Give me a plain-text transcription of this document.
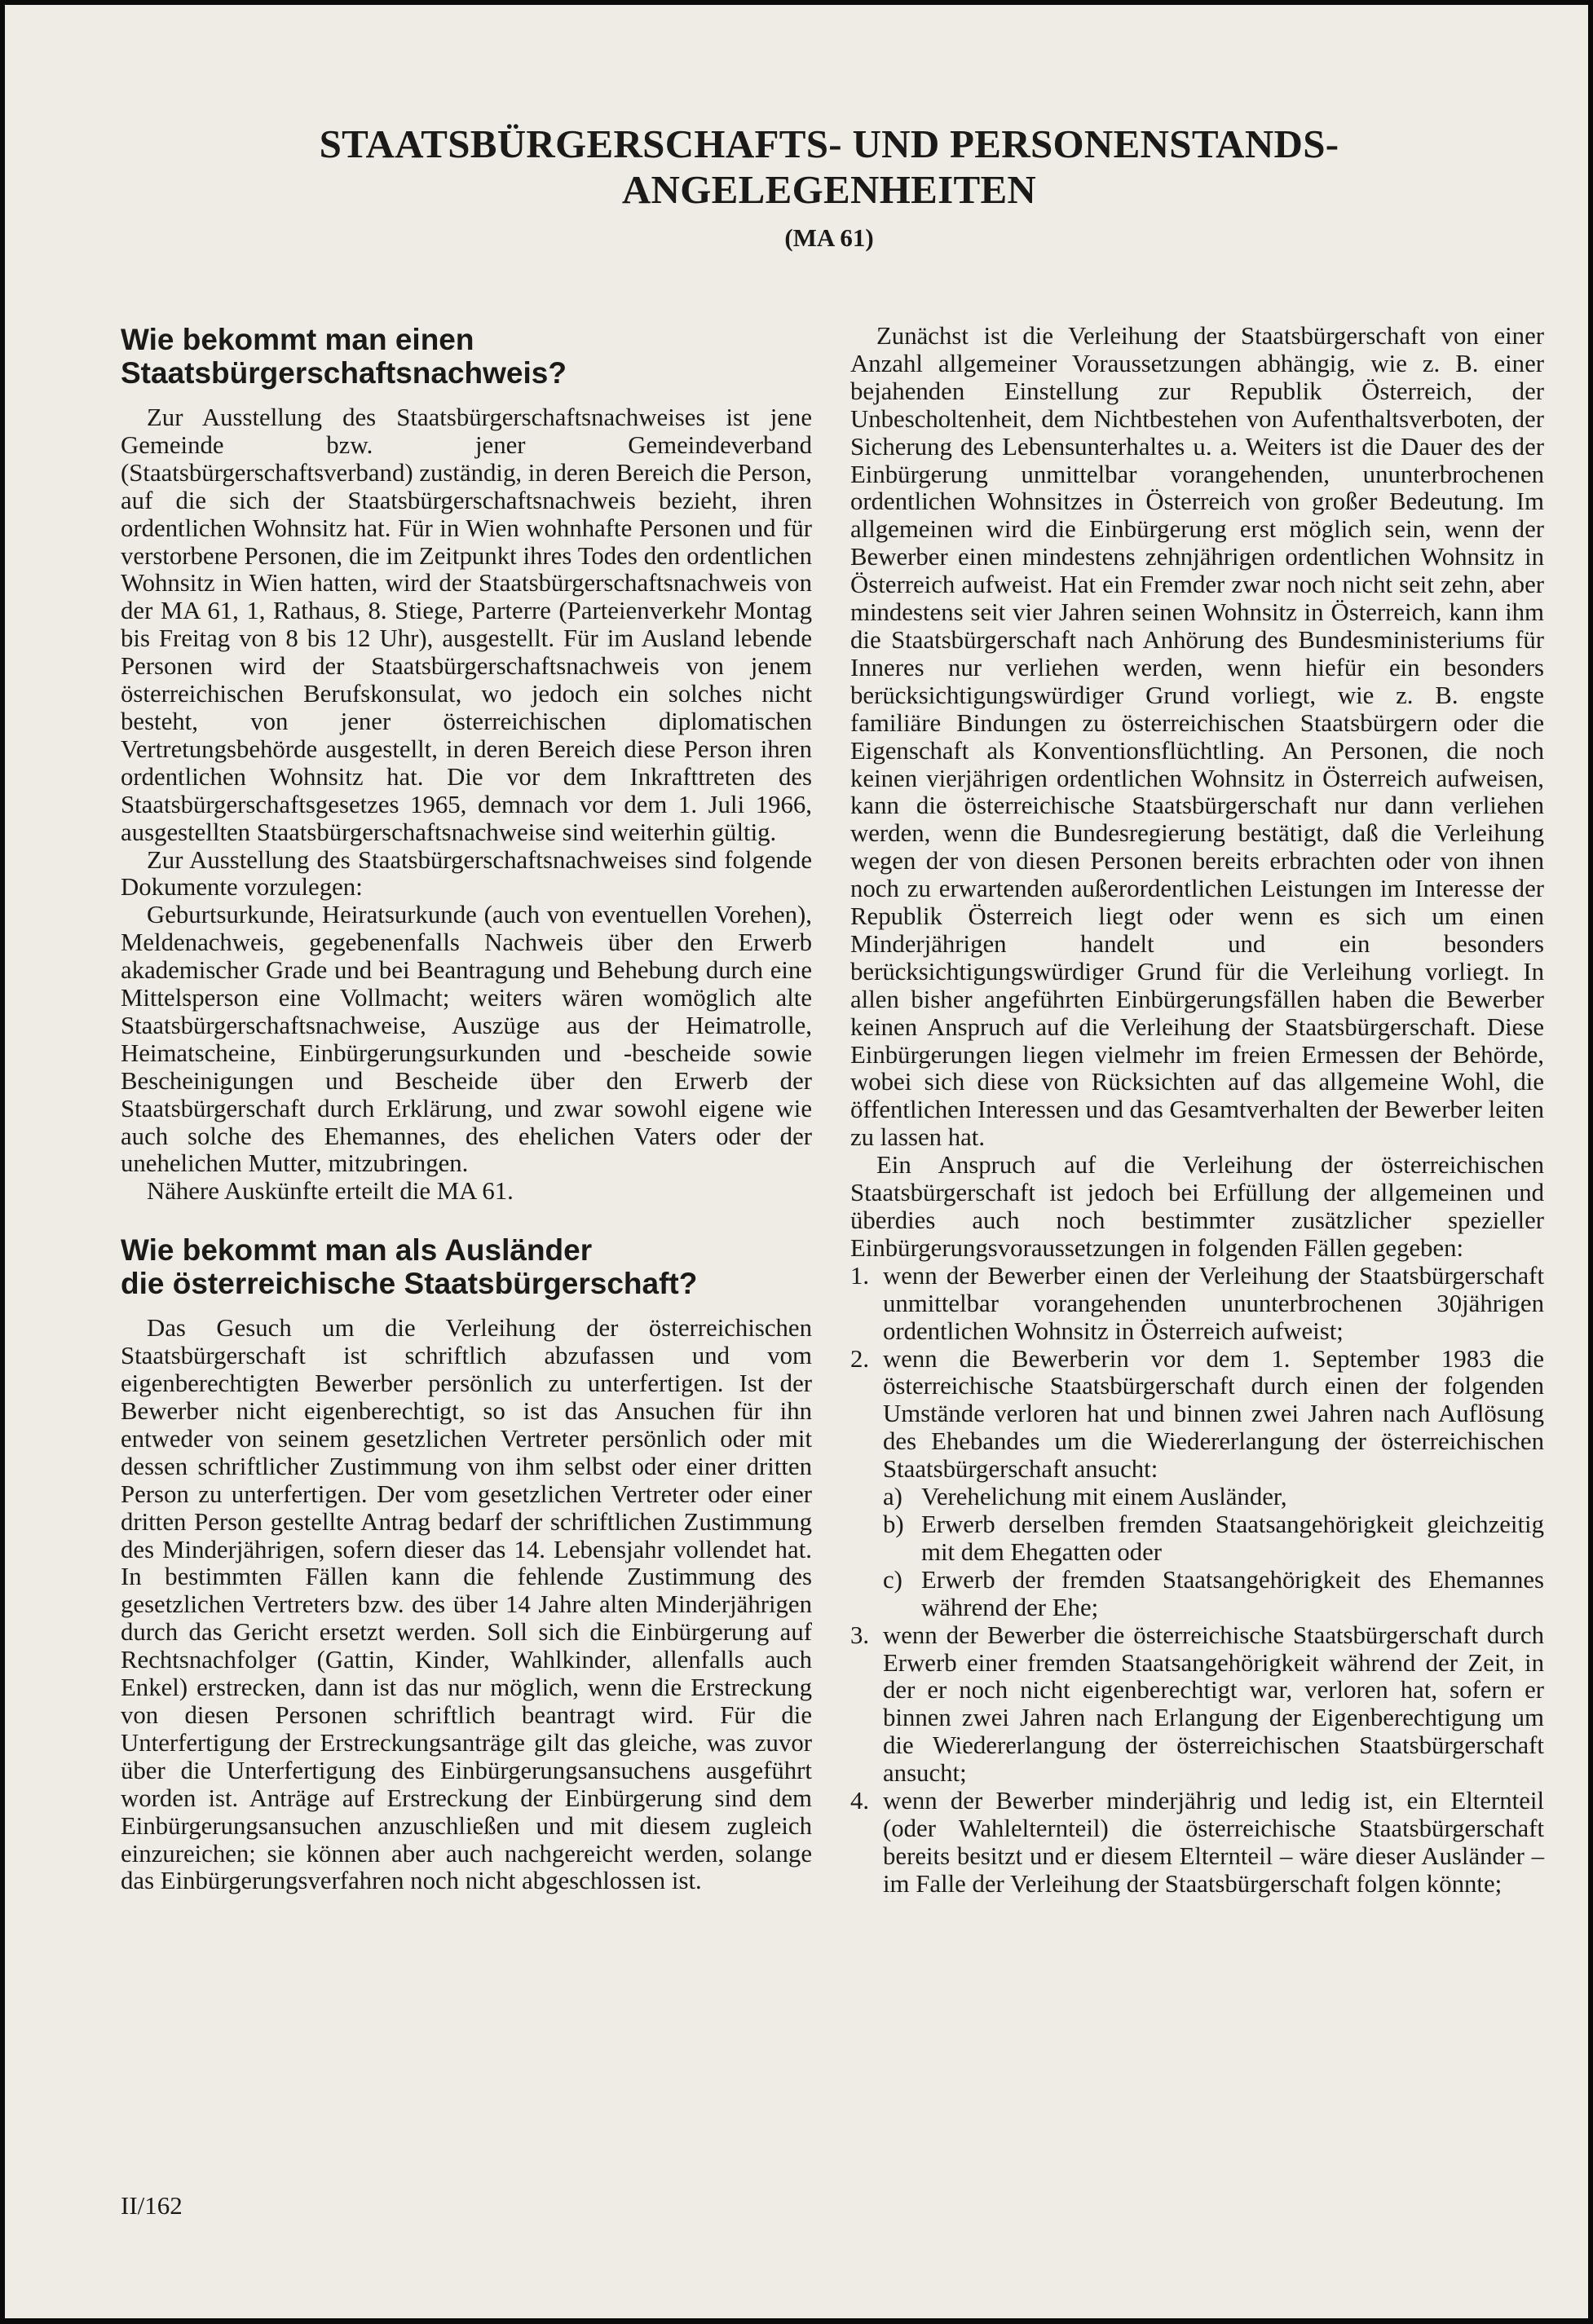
STAATSBÜRGERSCHAFTS- UND PERSONENSTANDS-
ANGELEGENHEITEN
(MA 61)
Wie bekommt man einen
Staatsbürgerschaftsnachweis?

Zur Ausstellung des Staatsbürgerschaftsnachweises ist jene Gemeinde bzw. jener Gemeindeverband (Staatsbürgerschaftsverband) zuständig, in deren Bereich die Person, auf die sich der Staatsbürgerschaftsnachweis bezieht, ihren ordentlichen Wohnsitz hat. Für in Wien wohnhafte Personen und für verstorbene Personen, die im Zeitpunkt ihres Todes den ordentlichen Wohnsitz in Wien hatten, wird der Staatsbürgerschaftsnachweis von der MA 61, 1, Rathaus, 8. Stiege, Parterre (Parteienverkehr Montag bis Freitag von 8 bis 12 Uhr), ausgestellt. Für im Ausland lebende Personen wird der Staatsbürgerschaftsnachweis von jenem österreichischen Berufskonsulat, wo jedoch ein solches nicht besteht, von jener österreichischen diplomatischen Vertretungsbehörde ausgestellt, in deren Bereich diese Person ihren ordentlichen Wohnsitz hat. Die vor dem Inkrafttreten des Staatsbürgerschaftsgesetzes 1965, demnach vor dem 1. Juli 1966, ausgestellten Staatsbürgerschaftsnachweise sind weiterhin gültig.

Zur Ausstellung des Staatsbürgerschaftsnachweises sind folgende Dokumente vorzulegen:

Geburtsurkunde, Heiratsurkunde (auch von eventuellen Vorehen), Meldenachweis, gegebenenfalls Nachweis über den Erwerb akademischer Grade und bei Beantragung und Behebung durch eine Mittelsperson eine Vollmacht; weiters wären womöglich alte Staatsbürgerschaftsnachweise, Auszüge aus der Heimatrolle, Heimatscheine, Einbürgerungsurkunden und -bescheide sowie Bescheinigungen und Bescheide über den Erwerb der Staatsbürgerschaft durch Erklärung, und zwar sowohl eigene wie auch solche des Ehemannes, des ehelichen Vaters oder der unehelichen Mutter, mitzubringen.

Nähere Auskünfte erteilt die MA 61.

Wie bekommt man als Ausländer
die österreichische Staatsbürgerschaft?

Das Gesuch um die Verleihung der österreichischen Staatsbürgerschaft ist schriftlich abzufassen und vom eigenberechtigten Bewerber persönlich zu unterfertigen. Ist der Bewerber nicht eigenberechtigt, so ist das Ansuchen für ihn entweder von seinem gesetzlichen Vertreter persönlich oder mit dessen schriftlicher Zustimmung von ihm selbst oder einer dritten Person zu unterfertigen. Der vom gesetzlichen Vertreter oder einer dritten Person gestellte Antrag bedarf der schriftlichen Zustimmung des Minderjährigen, sofern dieser das 14. Lebensjahr vollendet hat. In bestimmten Fällen kann die fehlende Zustimmung des gesetzlichen Vertreters bzw. des über 14 Jahre alten Minderjährigen durch das Gericht ersetzt werden. Soll sich die Einbürgerung auf Rechtsnachfolger (Gattin, Kinder, Wahlkinder, allenfalls auch Enkel) erstrecken, dann ist das nur möglich, wenn die Erstreckung von diesen Personen schriftlich beantragt wird. Für die Unterfertigung der Erstreckungsanträge gilt das gleiche, was zuvor über die Unterfertigung des Einbürgerungsansuchens ausgeführt worden ist. Anträge auf Erstreckung der Einbürgerung sind dem Einbürgerungsansuchen anzuschließen und mit diesem zugleich einzureichen; sie können aber auch nachgereicht werden, solange das Einbürgerungsverfahren noch nicht abgeschlossen ist.

Zunächst ist die Verleihung der Staatsbürgerschaft von einer Anzahl allgemeiner Voraussetzungen abhängig, wie z. B. einer bejahenden Einstellung zur Republik Österreich, der Unbescholtenheit, dem Nichtbestehen von Aufenthaltsverboten, der Sicherung des Lebensunterhaltes u. a. Weiters ist die Dauer des der Einbürgerung unmittelbar vorangehenden, ununterbrochenen ordentlichen Wohnsitzes in Österreich von großer Bedeutung. Im allgemeinen wird die Einbürgerung erst möglich sein, wenn der Bewerber einen mindestens zehnjährigen ordentlichen Wohnsitz in Österreich aufweist. Hat ein Fremder zwar noch nicht seit zehn, aber mindestens seit vier Jahren seinen Wohnsitz in Österreich, kann ihm die Staatsbürgerschaft nach Anhörung des Bundesministeriums für Inneres nur verliehen werden, wenn hiefür ein besonders berücksichtigungswürdiger Grund vorliegt, wie z. B. engste familiäre Bindungen zu österreichischen Staatsbürgern oder die Eigenschaft als Konventionsflüchtling. An Personen, die noch keinen vierjährigen ordentlichen Wohnsitz in Österreich aufweisen, kann die österreichische Staatsbürgerschaft nur dann verliehen werden, wenn die Bundesregierung bestätigt, daß die Verleihung wegen der von diesen Personen bereits erbrachten oder von ihnen noch zu erwartenden außerordentlichen Leistungen im Interesse der Republik Österreich liegt oder wenn es sich um einen Minderjährigen handelt und ein besonders berücksichtigungswürdiger Grund für die Verleihung vorliegt. In allen bisher angeführten Einbürgerungsfällen haben die Bewerber keinen Anspruch auf die Verleihung der Staatsbürgerschaft. Diese Einbürgerungen liegen vielmehr im freien Ermessen der Behörde, wobei sich diese von Rücksichten auf das allgemeine Wohl, die öffentlichen Interessen und das Gesamtverhalten der Bewerber leiten zu lassen hat.

Ein Anspruch auf die Verleihung der österreichischen Staatsbürgerschaft ist jedoch bei Erfüllung der allgemeinen und überdies auch noch bestimmter zusätzlicher spezieller Einbürgerungsvoraussetzungen in folgenden Fällen gegeben:

1. wenn der Bewerber einen der Verleihung der Staatsbürgerschaft unmittelbar vorangehenden ununterbrochenen 30jährigen ordentlichen Wohnsitz in Österreich aufweist;
2. wenn die Bewerberin vor dem 1. September 1983 die österreichische Staatsbürgerschaft durch einen der folgenden Umstände verloren hat und binnen zwei Jahren nach Auflösung des Ehebandes um die Wiedererlangung der österreichischen Staatsbürgerschaft ansucht:
a) Verehelichung mit einem Ausländer,
b) Erwerb derselben fremden Staatsangehörigkeit gleichzeitig mit dem Ehegatten oder
c) Erwerb der fremden Staatsangehörigkeit des Ehemannes während der Ehe;
3. wenn der Bewerber die österreichische Staatsbürgerschaft durch Erwerb einer fremden Staatsangehörigkeit während der Zeit, in der er noch nicht eigenberechtigt war, verloren hat, sofern er binnen zwei Jahren nach Erlangung der Eigenberechtigung um die Wiedererlangung der österreichischen Staatsbürgerschaft ansucht;
4. wenn der Bewerber minderjährig und ledig ist, ein Elternteil (oder Wahlelternteil) die österreichische Staatsbürgerschaft bereits besitzt und er diesem Elternteil – wäre dieser Ausländer – im Falle der Verleihung der Staatsbürgerschaft folgen könnte;
II/162
